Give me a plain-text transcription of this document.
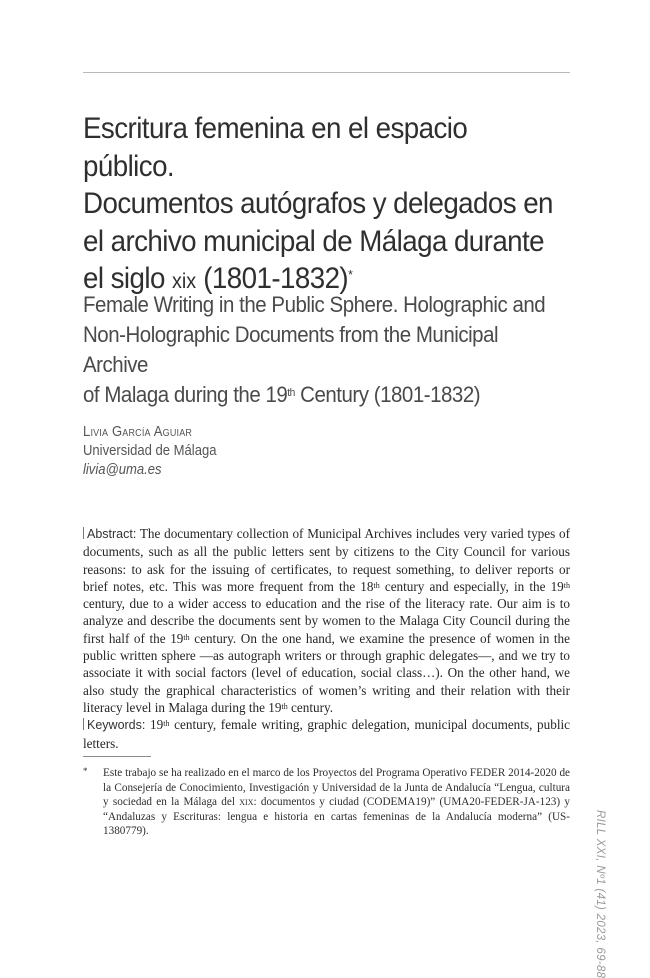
Escritura femenina en el espacio público.
Documentos autógrafos y delegados en
el archivo municipal de Málaga durante
el siglo xix (1801-1832)*
Female Writing in the Public Sphere. Holographic and
Non-Holographic Documents from the Municipal Archive
of Malaga during the 19th Century (1801-1832)
Livia García Aguiar
Universidad de Málaga
livia@uma.es

Abstract: The documentary collection of Municipal Archives includes very varied types of documents, such as all the public letters sent by citizens to the City Council for various reasons: to ask for the issuing of certificates, to request something, to deliver reports or brief notes, etc. This was more frequent from the 18th century and especially, in the 19th century, due to a wider access to education and the rise of the literacy rate. Our aim is to analyze and describe the documents sent by women to the Malaga City Council during the first half of the 19th century. On the one hand, we examine the presence of women in the public written sphere —as autograph writers or through graphic delegates—, and we try to associate it with social factors (level of education, social class…). On the other hand, we also study the graphical characteristics of women’s writing and their relation with their literacy level in Malaga during the 19th century.

Keywords: 19th century, female writing, graphic delegation, municipal documents, public letters.

* Este trabajo se ha realizado en el marco de los Proyectos del Programa Operativo FEDER 2014-2020 de la Consejería de Conocimiento, Investigación y Universidad de la Junta de Andalucía “Lengua, cultura y sociedad en la Málaga del xix: documentos y ciudad (CODEMA19)” (UMA20-FEDER-JA-123) y “Andaluzas y Escrituras: lengua e historia en cartas femeninas de la Andalucía moderna” (US-1380779).	RILL XXI, Nº1 (41) 2023, 69-88
